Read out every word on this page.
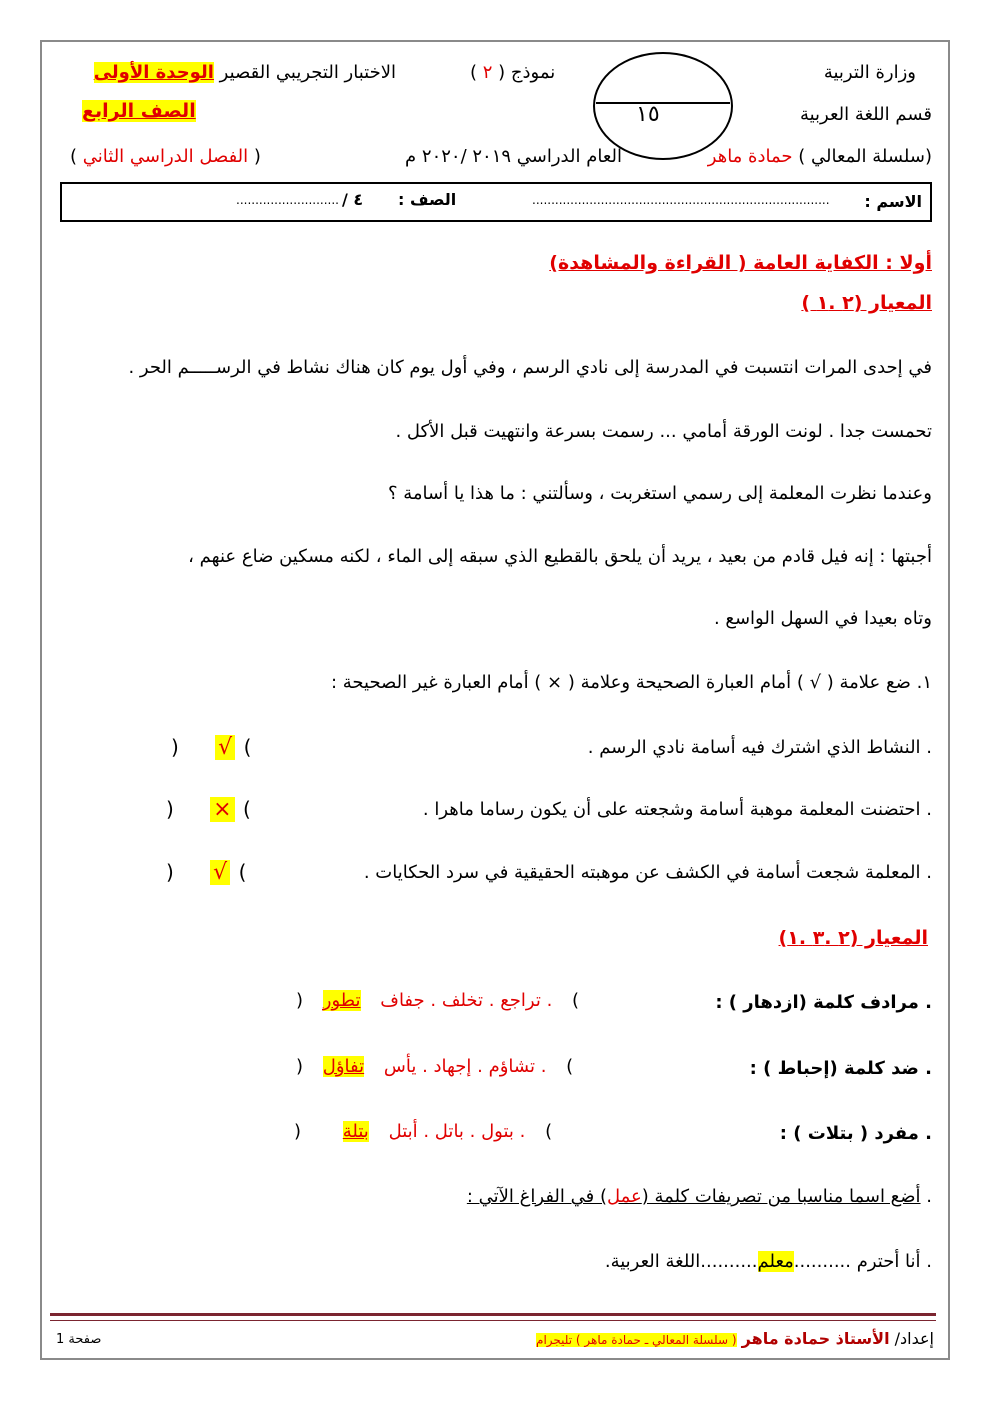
وزارة التربية
قسم اللغة العربية
(سلسلة المعالي ) حمادة ماهر
١٥
نموذج ( ٢ )
الاختبار التجريبي القصير الوحدة الأولى
الصف الرابع
العام الدراسي ٢٠١٩ /٢٠٢٠ م
( الفصل الدراسي الثاني )
الاسم :
..............................................................................
الصف :
٤ /
...........................
أولا : الكفاية العامة ( القراءة والمشاهدة)
المعيار (٢ .١ )
في إحدى المرات انتسبت في المدرسة إلى نادي الرسم ، وفي أول يوم كان هناك نشاط في الرســـــم الحر .
تحمست جدا . لونت الورقة أمامي ... رسمت بسرعة وانتهيت قبل الأكل .
وعندما نظرت المعلمة إلى رسمي استغربت ، وسألتني : ما هذا يا أسامة ؟
أجبتها : إنه فيل قادم من بعيد ، يريد أن يلحق بالقطيع الذي سبقه إلى الماء ، لكنه مسكين ضاع عنهم ،
وتاه بعيدا في السهل الواسع .
١. ضع علامة ( √ ) أمام العبارة الصحيحة وعلامة ( × ) أمام العبارة غير الصحيحة :
. النشاط الذي اشترك فيه أسامة نادي الرسم .
) √ (
. احتضنت المعلمة موهبة أسامة وشجعته على أن يكون رساما ماهرا .
) × (
. المعلمة شجعت أسامة في الكشف عن موهبته الحقيقية في سرد الحكايات .
) √ (
المعيار (٢ .٣ .١)
. مرادف كلمة (ازدهار ) :
) . تراجع . تخلف . جفاف تطور (
. ضد كلمة (إحباط ) :
) . تشاؤم . إجهاد . يأس تفاؤل (
. مفرد ( بتلات ) :
) . بتول . باتل . أبتل بتلة (
. أضع اسما مناسبا من تصريفات كلمة (عمل) في الفراغ الآتي :
. أنا أحترم ..........معلم..........اللغة العربية.
إعداد/ الأستاذ حمادة ماهر ( سلسلة المعالي ـ حمادة ماهر ) تليجرام
صفحة 1
